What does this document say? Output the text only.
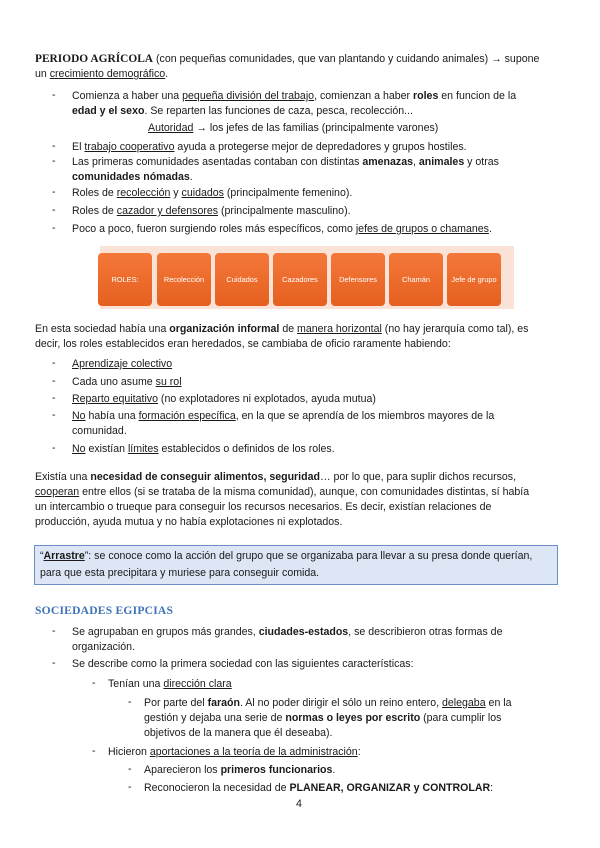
PERIODO AGRÍCOLA (con pequeñas comunidades, que van plantando y cuidando animales) → supone

un crecimiento demográfico.

- Comienza a haber una pequeña división del trabajo, comienzan a haber roles en funcion de la

edad y el sexo. Se reparten las funciones de caza, pesca, recolección...

Autoridad → los jefes de las familias (principalmente varones)

- El trabajo cooperativo ayuda a protegerse mejor de depredadores y grupos hostiles.

- Las primeras comunidades asentadas contaban con distintas amenazas, animales y otras

comunidades nómadas.

- Roles de recolección y cuidados (principalmente femenino).

- Roles de cazador y defensores (principalmente masculino).

- Poco a poco, fueron surgiendo roles más específicos, como jefes de grupos o chamanes.

ROLES:	Recolección	Cuidados	Cazadores	Defensores	Chamán	Jefe de grupo

En esta sociedad había una organización informal de manera horizontal (no hay jerarquía como tal), es

decir, los roles establecidos eran heredados, se cambiaba de oficio raramente habiendo:

- Aprendizaje colectivo

- Cada uno asume su rol

- Reparto equitativo (no explotadores ni explotados, ayuda mutua)

- No había una formación específica, en la que se aprendía de los miembros mayores de la

comunidad.

- No existían límites establecidos o definidos de los roles.

Existía una necesidad de conseguir alimentos, seguridad… por lo que, para suplir dichos recursos,

cooperan entre ellos (si se trataba de la misma comunidad), aunque, con comunidades distintas, sí había

un intercambio o trueque para conseguir los recursos necesarios. Es decir, existían relaciones de

producción, ayuda mutua y no había explotaciones ni explotados.

“Arrastre”: se conoce como la acción del grupo que se organizaba para llevar a su presa donde querían,

para que esta precipitara y muriese para conseguir comida.

SOCIEDADES EGIPCIAS

- Se agrupaban en grupos más grandes, ciudades-estados, se describieron otras formas de

organización.

- Se describe como la primera sociedad con las siguientes características:

- Tenían una dirección clara

- Por parte del faraón. Al no poder dirigir el sólo un reino entero, delegaba en la

gestión y dejaba una serie de normas o leyes por escrito (para cumplir los

objetivos de la manera que él deseaba).

- Hicieron aportaciones a la teoría de la administración:

- Aparecieron los primeros funcionarios.

- Reconocieron la necesidad de PLANEAR, ORGANIZAR y CONTROLAR:

4
